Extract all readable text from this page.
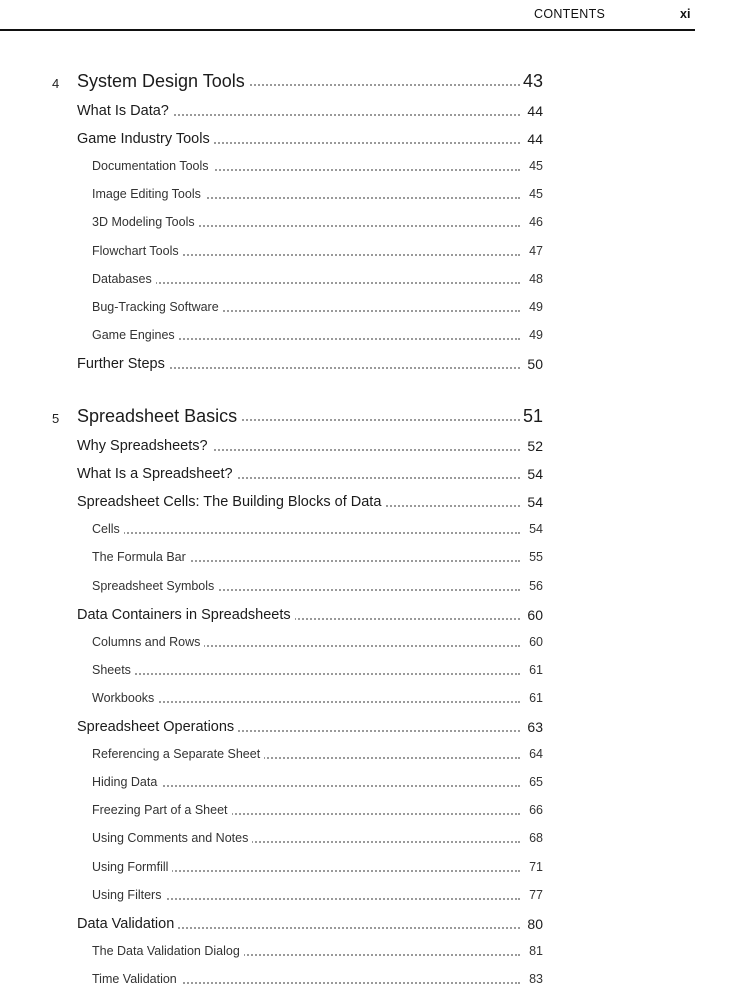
CONTENTS	xi
4 System Design Tools	43
What Is Data?	44
Game Industry Tools	44
Documentation Tools	45
Image Editing Tools	45
3D Modeling Tools	46
Flowchart Tools	47
Databases	48
Bug-Tracking Software	49
Game Engines	49
Further Steps	50
5 Spreadsheet Basics	51
Why Spreadsheets?	52
What Is a Spreadsheet?	54
Spreadsheet Cells: The Building Blocks of Data	54
Cells	54
The Formula Bar	55
Spreadsheet Symbols	56
Data Containers in Spreadsheets	60
Columns and Rows	60
Sheets	61
Workbooks	61
Spreadsheet Operations	63
Referencing a Separate Sheet	64
Hiding Data	65
Freezing Part of a Sheet	66
Using Comments and Notes	68
Using Formfill	71
Using Filters	77
Data Validation	80
The Data Validation Dialog	81
Time Validation	83
